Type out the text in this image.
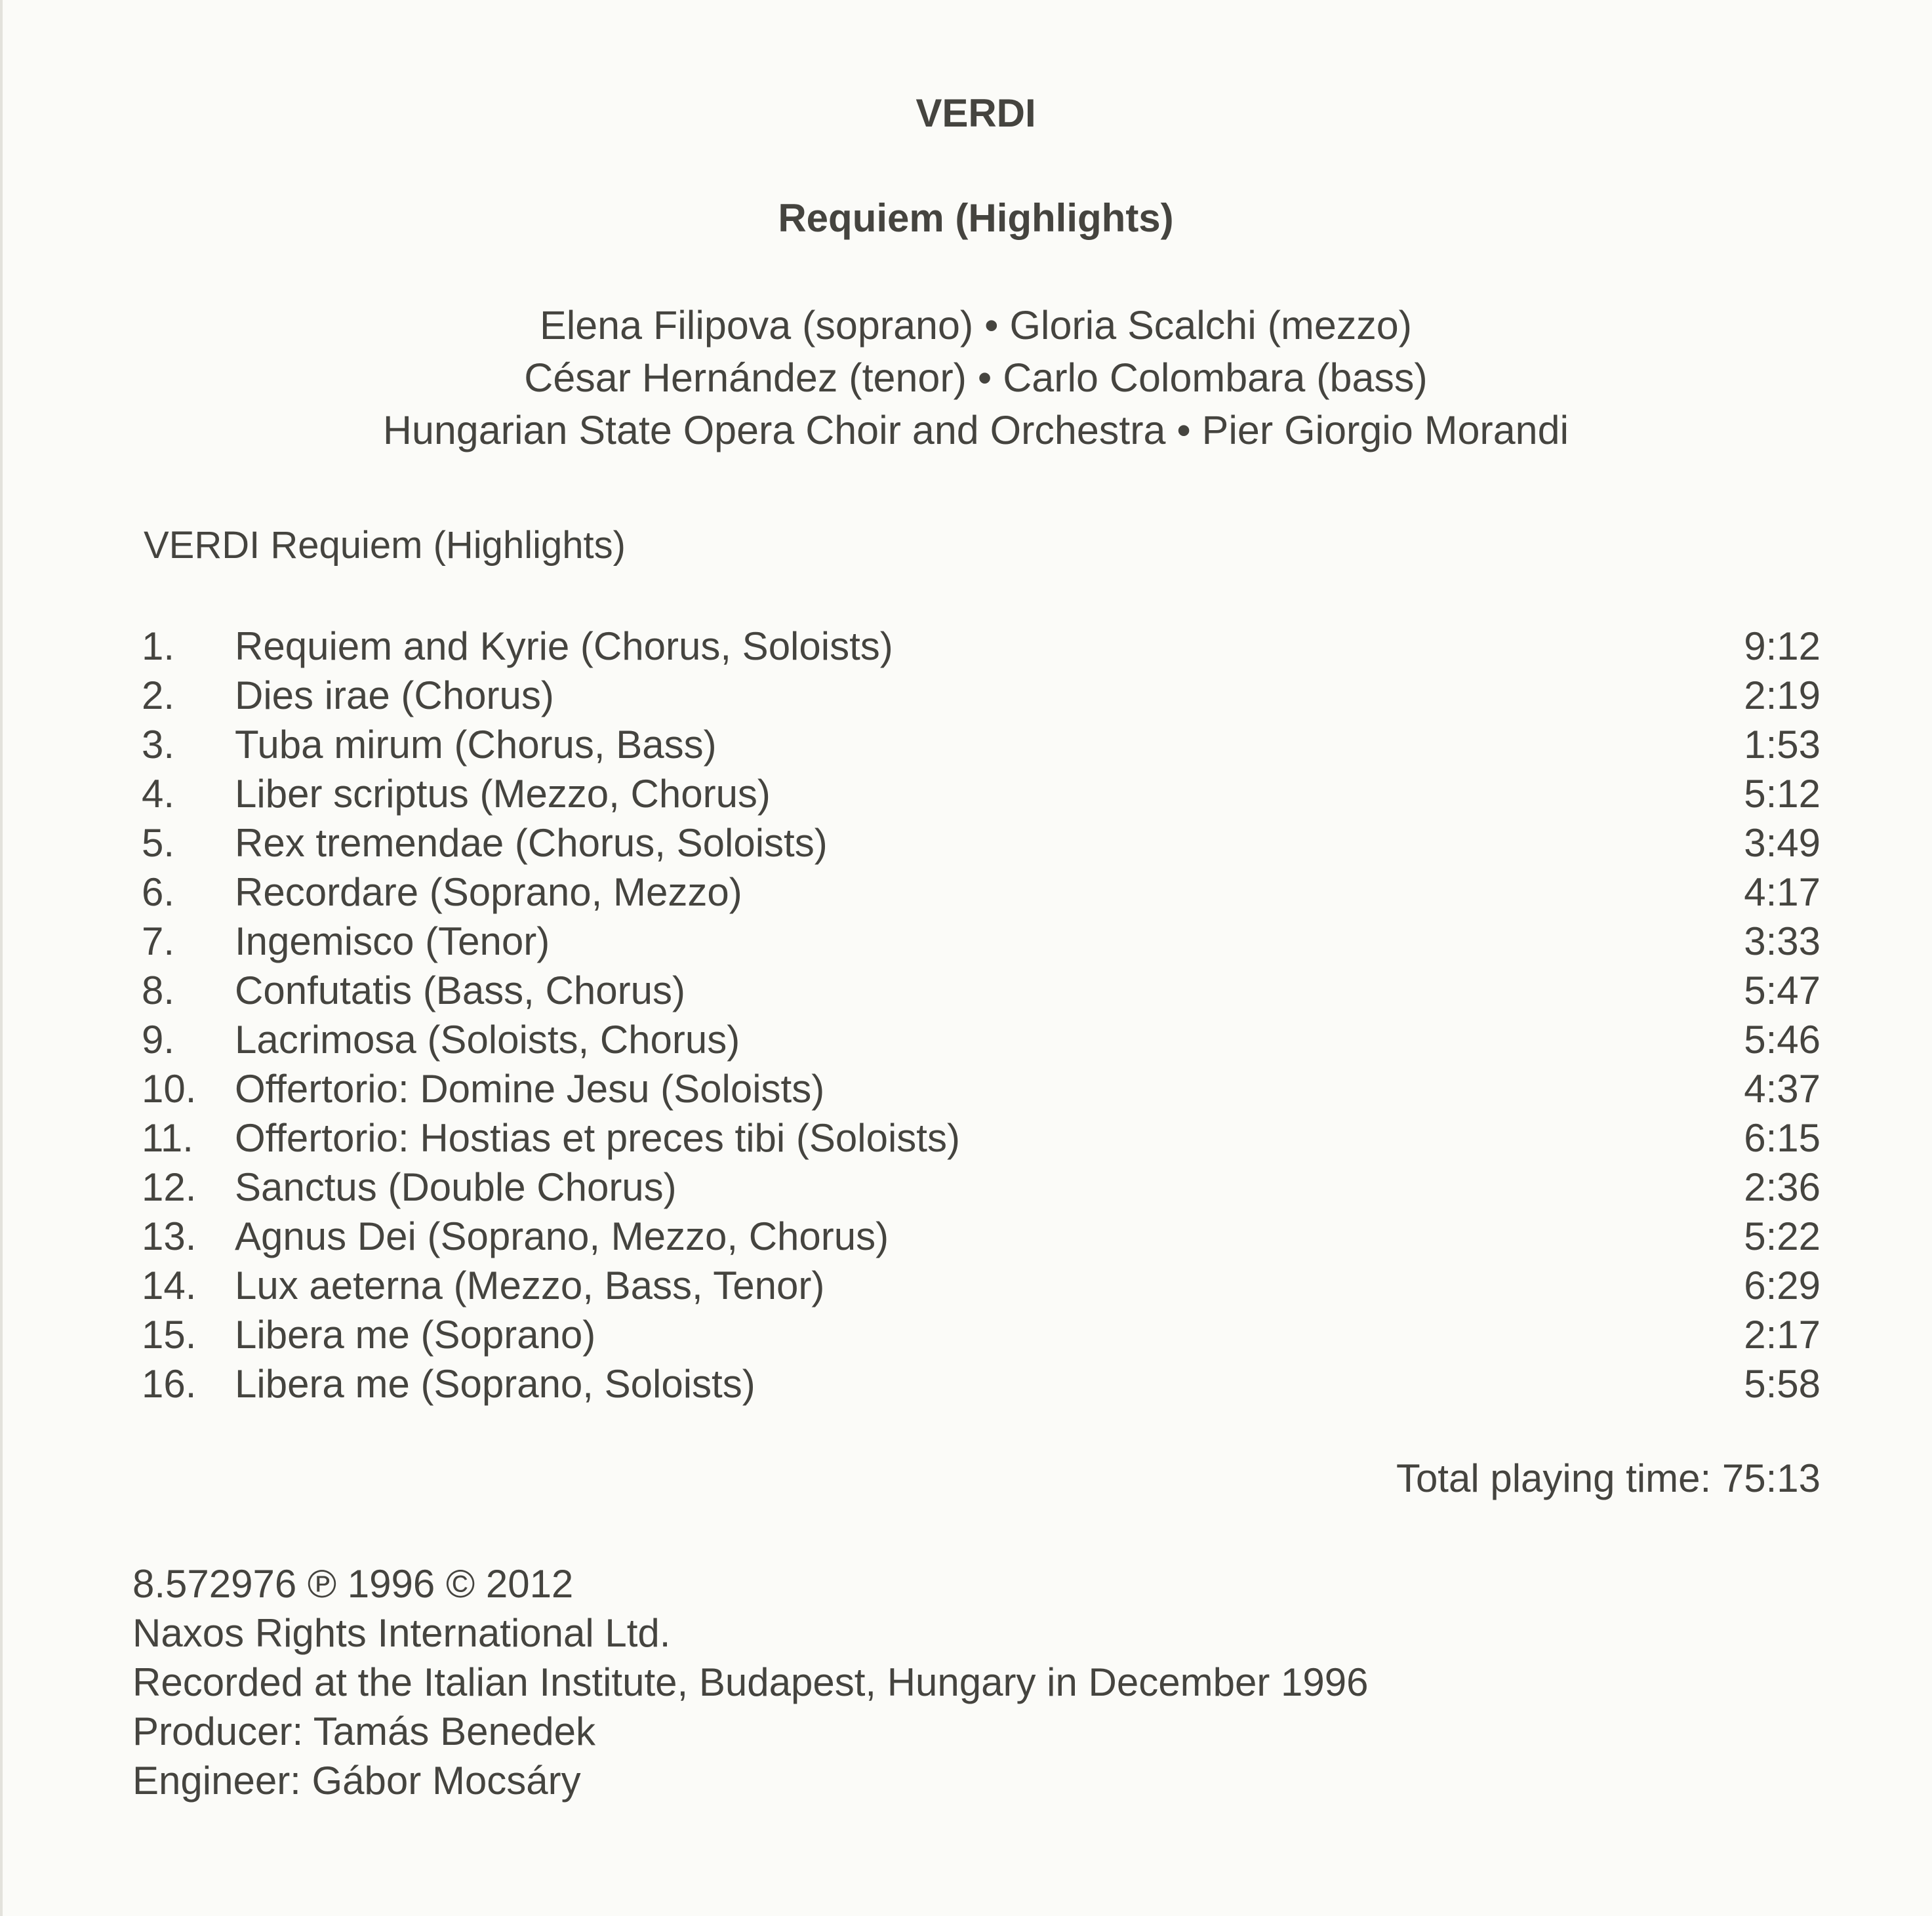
VERDI
Requiem (Highlights)
Elena Filipova (soprano) • Gloria Scalchi (mezzo)
César Hernández (tenor) • Carlo Colombara (bass)
Hungarian State Opera Choir and Orchestra • Pier Giorgio Morandi
VERDI Requiem (Highlights)
1. Requiem and Kyrie (Chorus, Soloists)	9:12
2. Dies irae (Chorus)	2:19
3. Tuba mirum (Chorus, Bass)	1:53
4. Liber scriptus (Mezzo, Chorus)	5:12
5. Rex tremendae (Chorus, Soloists)	3:49
6. Recordare (Soprano, Mezzo)	4:17
7. Ingemisco (Tenor)	3:33
8. Confutatis (Bass, Chorus)	5:47
9. Lacrimosa (Soloists, Chorus)	5:46
10. Offertorio: Domine Jesu (Soloists)	4:37
11. Offertorio: Hostias et preces tibi (Soloists)	6:15
12. Sanctus (Double Chorus)	2:36
13. Agnus Dei (Soprano, Mezzo, Chorus)	5:22
14. Lux aeterna (Mezzo, Bass, Tenor)	6:29
15. Libera me (Soprano)	2:17
16. Libera me (Soprano, Soloists)	5:58
Total playing time: 75:13
8.572976 ℗ 1996 © 2012
Naxos Rights International Ltd.
Recorded at the Italian Institute, Budapest, Hungary in December 1996
Producer: Tamás Benedek
Engineer: Gábor Mocsáry
